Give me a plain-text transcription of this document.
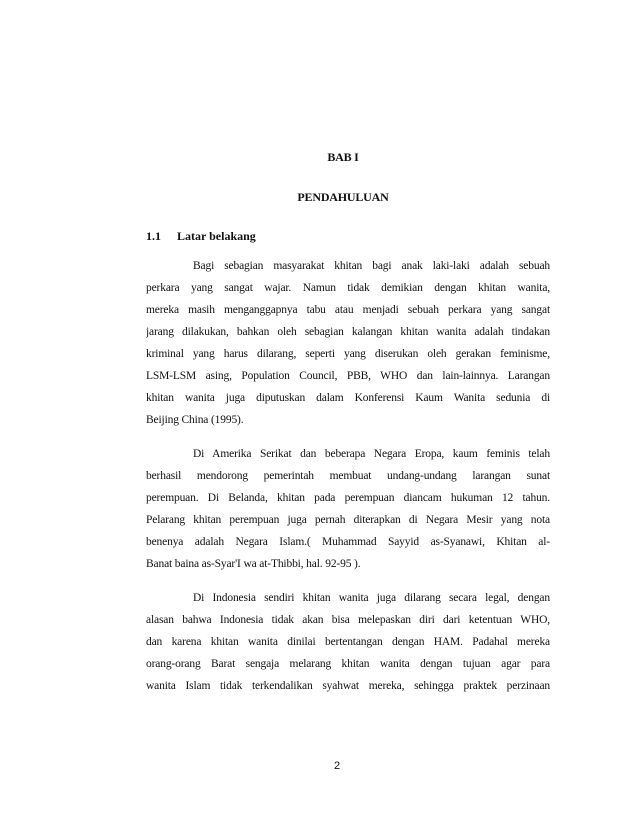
BAB I
PENDAHULUAN
1.1 Latar belakang
Bagi sebagian masyarakat khitan bagi anak laki-laki adalah sebuah
perkara yang sangat wajar. Namun tidak demikian dengan khitan wanita,
mereka masih menganggapnya tabu atau menjadi sebuah perkara yang sangat
jarang dilakukan, bahkan oleh sebagian kalangan khitan wanita adalah tindakan
kriminal yang harus dilarang, seperti yang diserukan oleh gerakan feminisme,
LSM-LSM asing, Population Council, PBB, WHO dan lain-lainnya. Larangan
khitan wanita juga diputuskan dalam Konferensi Kaum Wanita sedunia di
Beijing China (1995).
Di Amerika Serikat dan beberapa Negara Eropa, kaum feminis telah
berhasil mendorong pemerintah membuat undang-undang larangan sunat
perempuan. Di Belanda, khitan pada perempuan diancam hukuman 12 tahun.
Pelarang khitan perempuan juga pernah diterapkan di Negara Mesir yang nota
benenya adalah Negara Islam.( Muhammad Sayyid as-Syanawi, Khitan al-
Banat baina as-Syar'I wa at-Thibbi, hal. 92-95 ).
Di Indonesia sendiri khitan wanita juga dilarang secara legal, dengan
alasan bahwa Indonesia tidak akan bisa melepaskan diri dari ketentuan WHO,
dan karena khitan wanita dinilai bertentangan dengan HAM. Padahal mereka
orang-orang Barat sengaja melarang khitan wanita dengan tujuan agar para
wanita Islam tidak terkendalikan syahwat mereka, sehingga praktek perzinaan
2
